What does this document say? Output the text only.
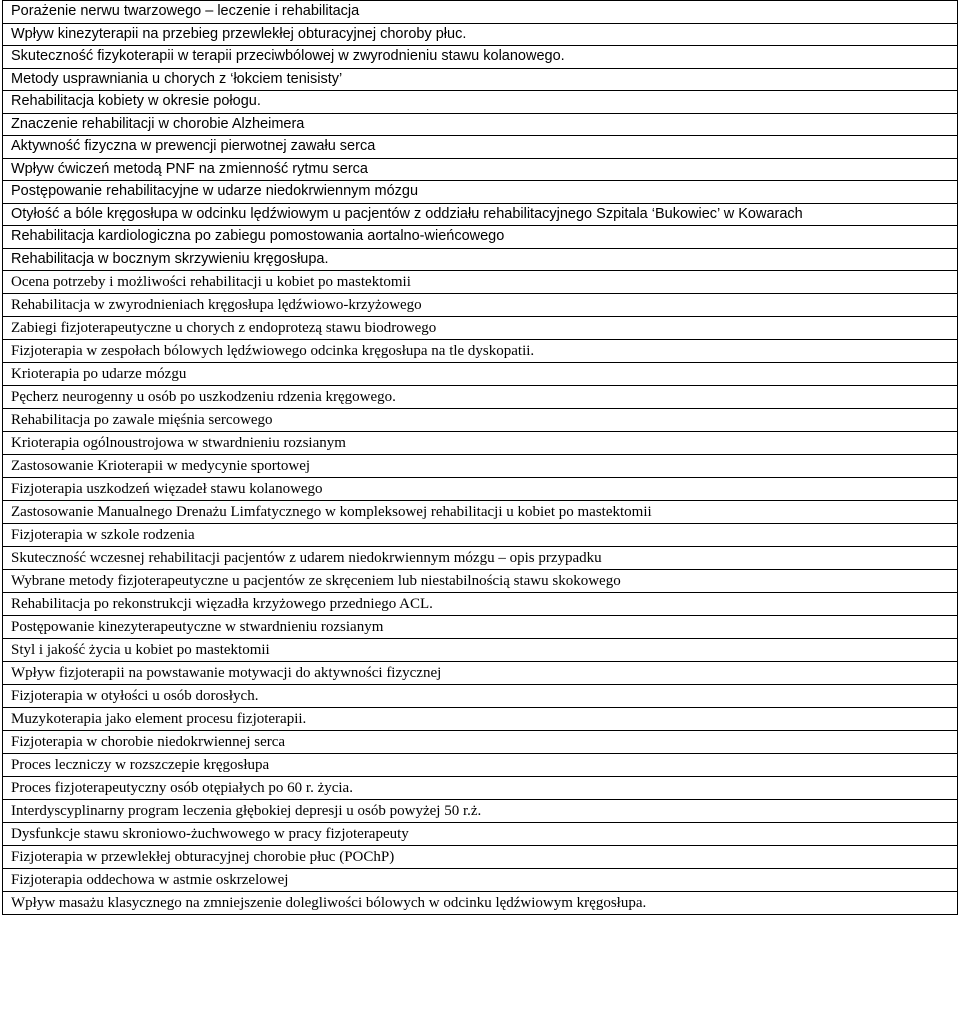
Porażenie nerwu twarzowego – leczenie i rehabilitacja
Wpływ kinezyterapii na przebieg przewlekłej obturacyjnej choroby płuc.
Skuteczność fizykoterapii w terapii przeciwbólowej w zwyrodnieniu stawu kolanowego.
Metody usprawniania u chorych z ‘łokciem tenisisty’
Rehabilitacja kobiety w okresie połogu.
Znaczenie rehabilitacji w chorobie Alzheimera
Aktywność fizyczna w prewencji pierwotnej zawału serca
Wpływ ćwiczeń metodą PNF na zmienność rytmu serca
Postępowanie rehabilitacyjne w udarze niedokrwiennym mózgu
Otyłość a bóle kręgosłupa w odcinku lędźwiowym u pacjentów z oddziału rehabilitacyjnego Szpitala ‘Bukowiec’ w Kowarach
Rehabilitacja kardiologiczna po zabiegu pomostowania aortalno-wieńcowego
Rehabilitacja w bocznym skrzywieniu kręgosłupa.
Ocena potrzeby i możliwości rehabilitacji u kobiet po mastektomii
Rehabilitacja w zwyrodnieniach kręgosłupa lędźwiowo-krzyżowego
Zabiegi fizjoterapeutyczne u chorych z endoprotezą stawu biodrowego
Fizjoterapia w zespołach bólowych lędźwiowego odcinka kręgosłupa na tle dyskopatii.
Krioterapia po udarze mózgu
Pęcherz neurogenny u osób po uszkodzeniu rdzenia kręgowego.
Rehabilitacja po zawale mięśnia sercowego
Krioterapia ogólnoustrojowa w stwardnieniu rozsianym
Zastosowanie Krioterapii w medycynie sportowej
Fizjoterapia uszkodzeń więzadeł stawu kolanowego
Zastosowanie Manualnego Drenażu Limfatycznego w kompleksowej rehabilitacji u kobiet po mastektomii
Fizjoterapia w szkole rodzenia
Skuteczność wczesnej rehabilitacji pacjentów z udarem niedokrwiennym mózgu – opis przypadku
Wybrane metody fizjoterapeutyczne u pacjentów ze skręceniem lub niestabilnością stawu skokowego
Rehabilitacja po rekonstrukcji więzadła krzyżowego przedniego ACL.
Postępowanie kinezyterapeutyczne w stwardnieniu rozsianym
Styl i jakość życia u kobiet po mastektomii
Wpływ fizjoterapii na powstawanie motywacji do aktywności fizycznej
Fizjoterapia w otyłości u osób dorosłych.
Muzykoterapia jako element procesu fizjoterapii.
Fizjoterapia w chorobie niedokrwiennej serca
Proces leczniczy w rozszczepie kręgosłupa
Proces fizjoterapeutyczny osób otępiałych po 60 r. życia.
Interdyscyplinarny program leczenia głębokiej depresji u osób powyżej 50 r.ż.
Dysfunkcje stawu skroniowo-żuchwowego w pracy fizjoterapeuty
Fizjoterapia w przewlekłej obturacyjnej chorobie płuc (POChP)
Fizjoterapia oddechowa w astmie oskrzelowej
Wpływ masażu klasycznego na zmniejszenie dolegliwości bólowych w odcinku lędźwiowym kręgosłupa.
